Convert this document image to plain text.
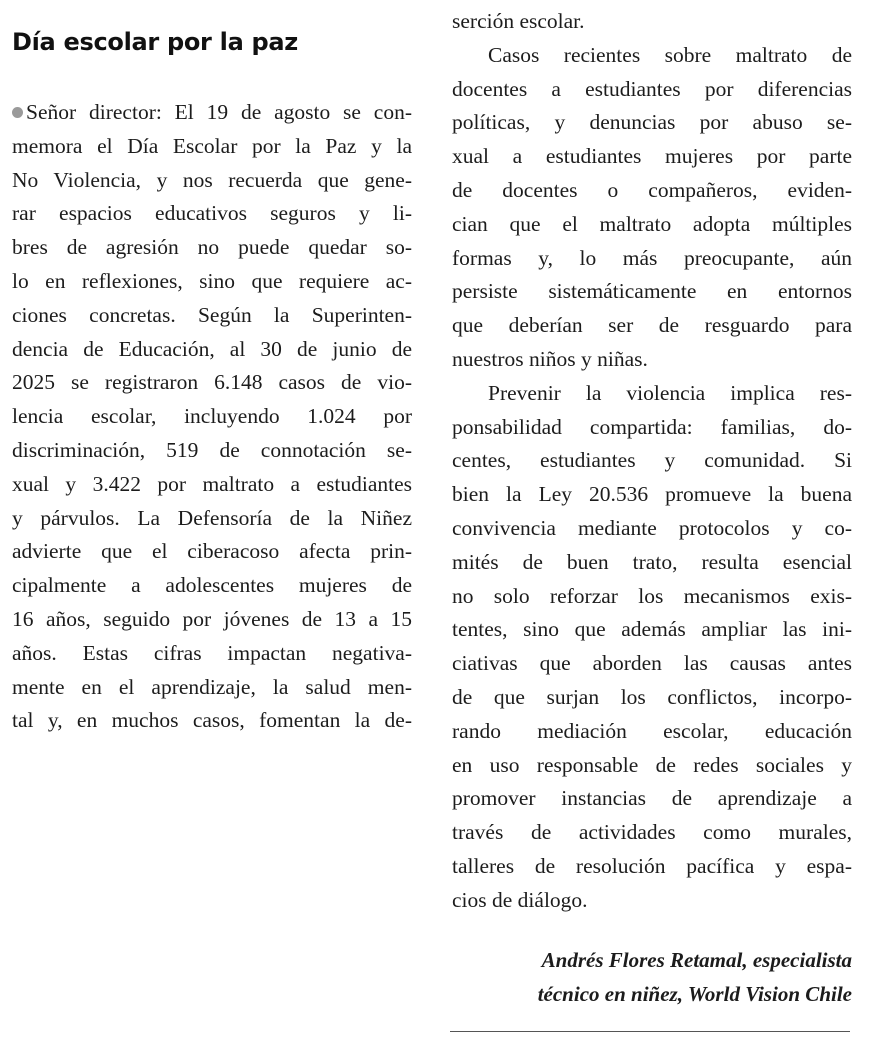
Día escolar por la paz
Señor director: El 19 de agosto se con-
memora el Día Escolar por la Paz y la
No Violencia, y nos recuerda que gene-
rar espacios educativos seguros y li-
bres de agresión no puede quedar so-
lo en reflexiones, sino que requiere ac-
ciones concretas. Según la Superinten-
dencia de Educación, al 30 de junio de
2025 se registraron 6.148 casos de vio-
lencia escolar, incluyendo 1.024 por
discriminación, 519 de connotación se-
xual y 3.422 por maltrato a estudiantes
y párvulos. La Defensoría de la Niñez
advierte que el ciberacoso afecta prin-
cipalmente a adolescentes mujeres de
16 años, seguido por jóvenes de 13 a 15
años. Estas cifras impactan negativa-
mente en el aprendizaje, la salud men-
tal y, en muchos casos, fomentan la de-
serción escolar.
Casos recientes sobre maltrato de
docentes a estudiantes por diferencias
políticas, y denuncias por abuso se-
xual a estudiantes mujeres por parte
de docentes o compañeros, eviden-
cian que el maltrato adopta múltiples
formas y, lo más preocupante, aún
persiste sistemáticamente en entornos
que deberían ser de resguardo para
nuestros niños y niñas.
Prevenir la violencia implica res-
ponsabilidad compartida: familias, do-
centes, estudiantes y comunidad. Si
bien la Ley 20.536 promueve la buena
convivencia mediante protocolos y co-
mités de buen trato, resulta esencial
no solo reforzar los mecanismos exis-
tentes, sino que además ampliar las ini-
ciativas que aborden las causas antes
de que surjan los conflictos, incorpo-
rando mediación escolar, educación
en uso responsable de redes sociales y
promover instancias de aprendizaje a
través de actividades como murales,
talleres de resolución pacífica y espa-
cios de diálogo.
Andrés Flores Retamal, especialista
técnico en niñez, World Vision Chile
